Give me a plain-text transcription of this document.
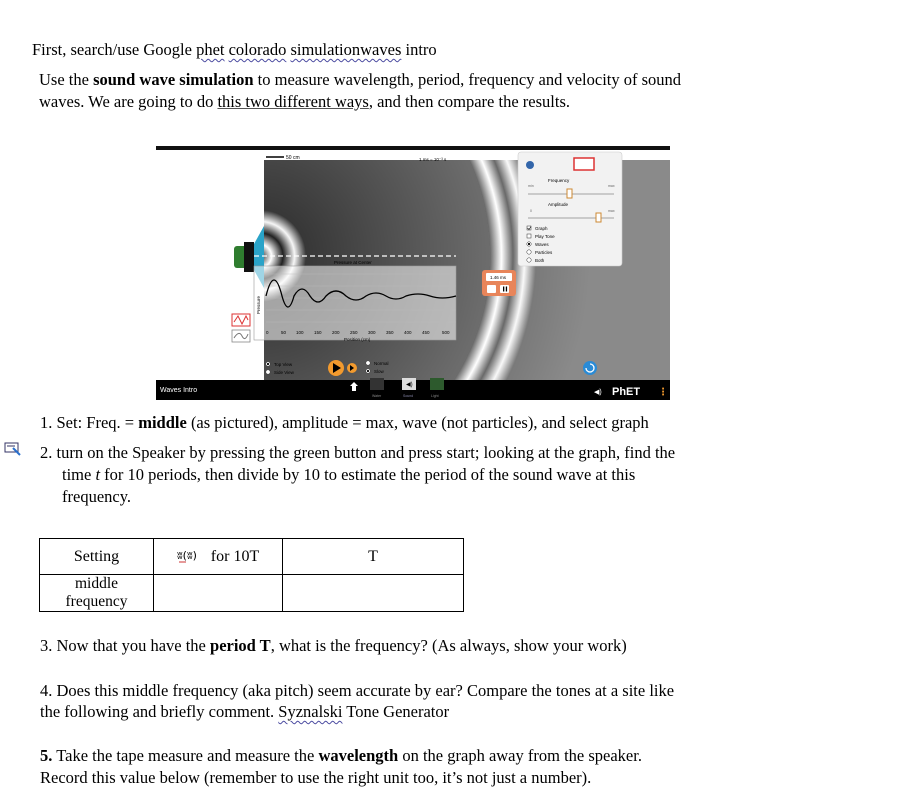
First, search/use Google phet colorado simulationwaves intro
Use the sound wave simulation to measure wavelength, period, frequency and velocity of sound
waves. We are going to do this two different ways, and then compare the results.
50 cm	1 ms = 10⁻³ s
Pressure at Center
Pressure
0	50 100 150 200 250 300 350 400 450	500
Position (cm)
Frequency
min	max
Amplitude
0	max
Graph
Play Tone
Waves
Particles
Both
1.46 ms
Top View
Side View
Normal
Slow
Waves Intro
Water
◀)
Sound	Light	◀) PhET ⋮
1. Set: Freq. = middle (as pictured), amplitude = max, wave (not particles), and select graph
2. turn on the Speaker by pressing the green button and press start; looking at the graph, find the
time t for 10 periods, then divide by 10 to estimate the period of the sound wave at this
frequency.
Setting	ʬ(ʬ) for 10T	T
middle
frequency		
3. Now that you have the period T, what is the frequency? (As always, show your work)
4. Does this middle frequency (aka pitch) seem accurate by ear? Compare the tones at a site like
the following and briefly comment. Syznalski Tone Generator
5. Take the tape measure and measure the wavelength on the graph away from the speaker.
Record this value below (remember to use the right unit too, it’s not just a number).
